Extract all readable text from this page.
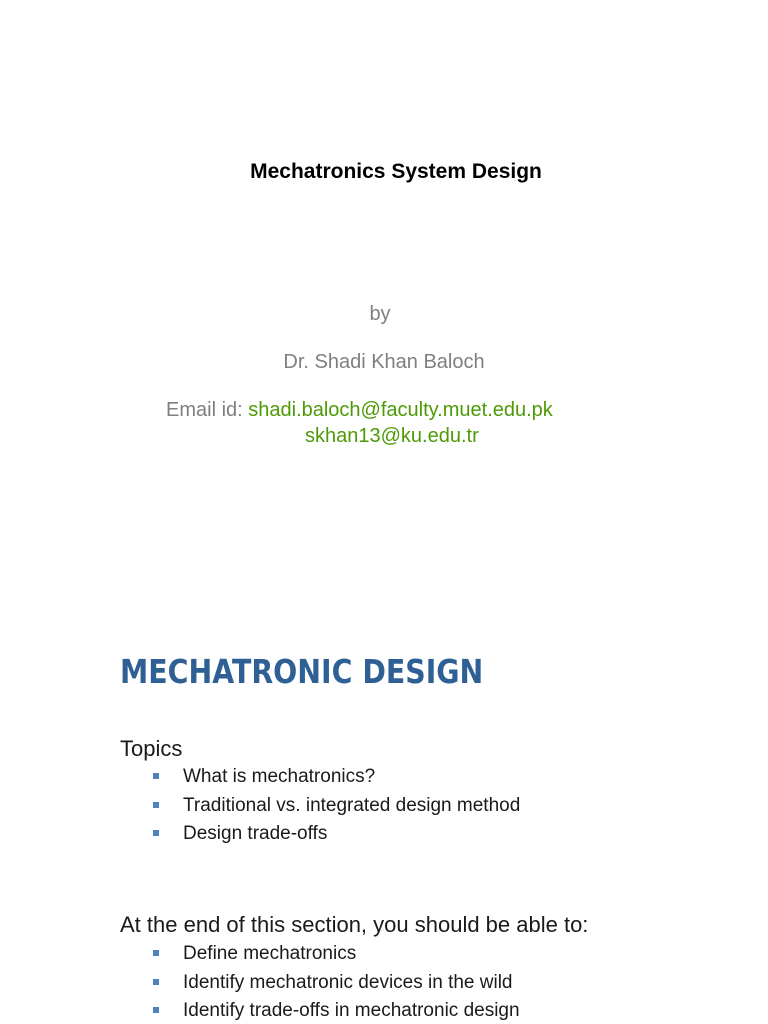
Mechatronics System Design
by
Dr. Shadi Khan Baloch
Email id: shadi.baloch@faculty.muet.edu.pk
skhan13@ku.edu.tr
MECHATRONIC DESIGN
Topics
What is mechatronics?
Traditional vs. integrated design method
Design trade-offs
At the end of this section, you should be able to:
Define mechatronics
Identify mechatronic devices in the wild
Identify trade-offs in mechatronic design
